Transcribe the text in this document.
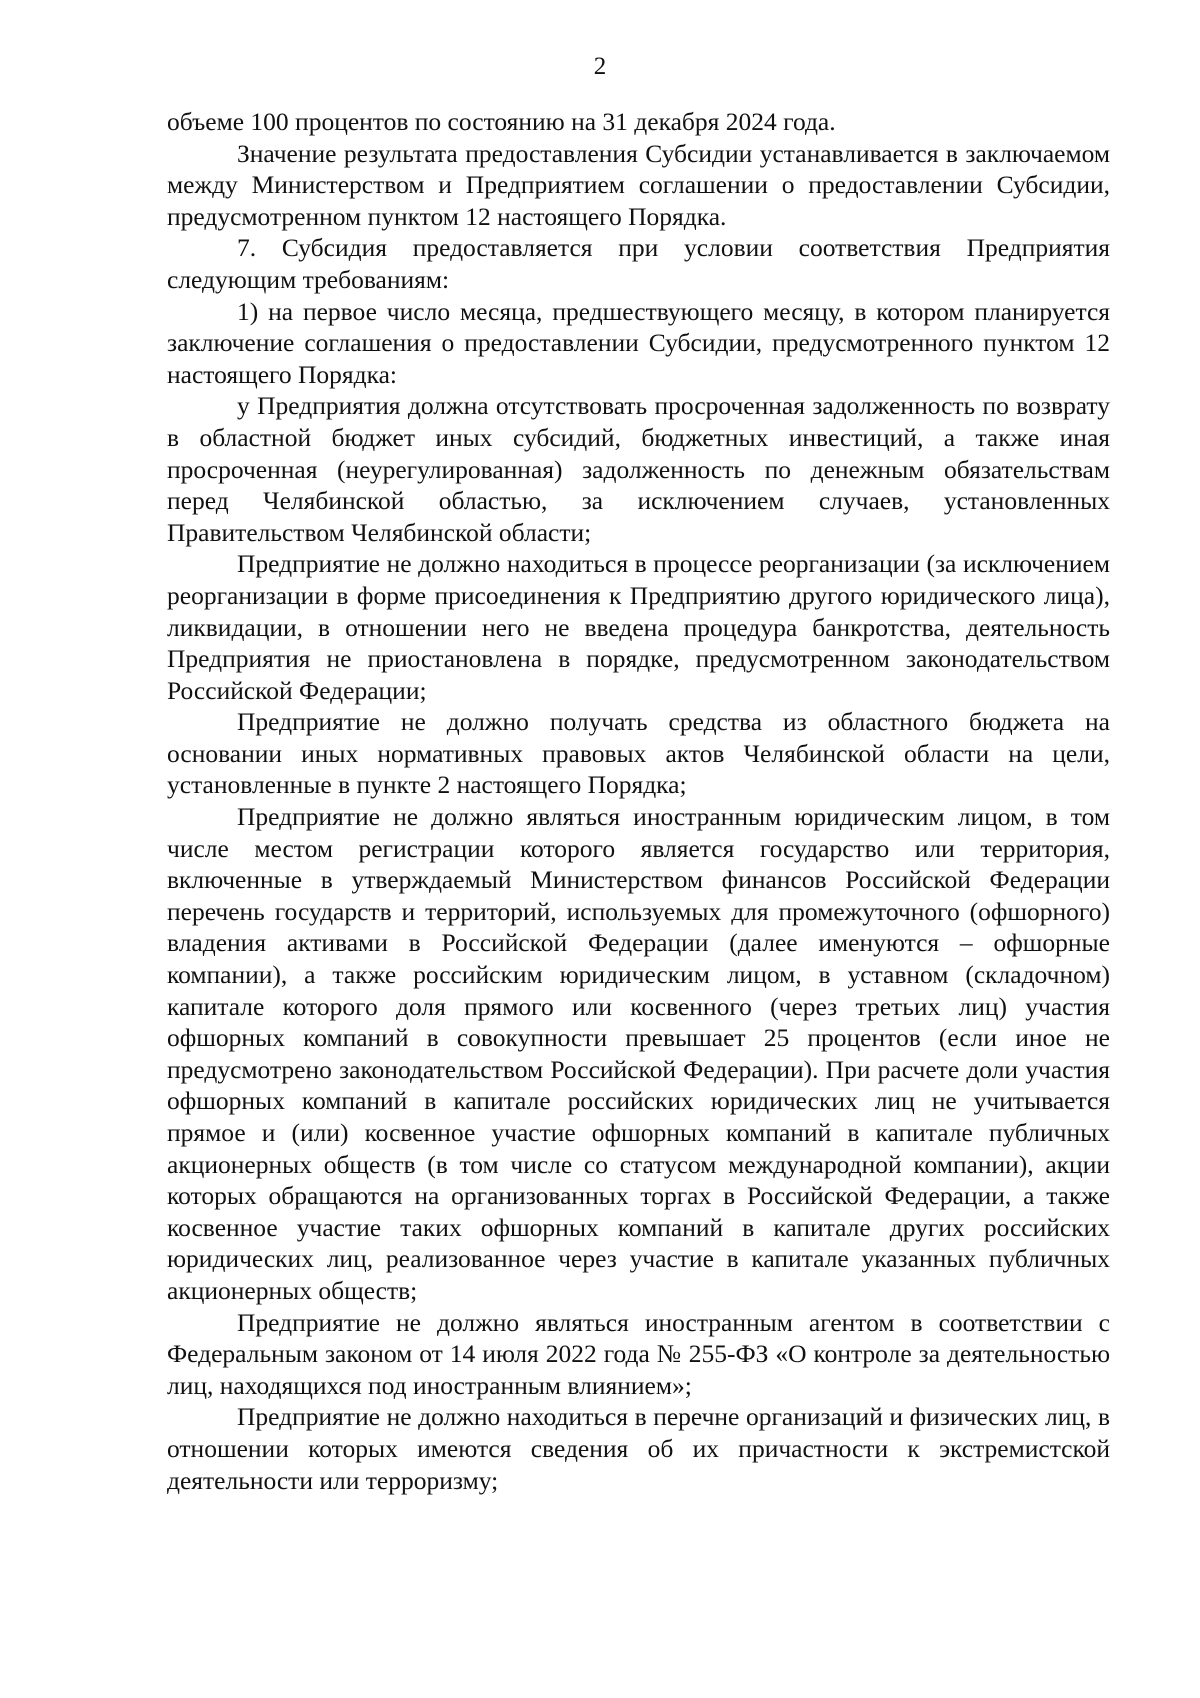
2

объеме 100 процентов по состоянию на 31 декабря 2024 года.

Значение результата предоставления Субсидии устанавливается в заключаемом между Министерством и Предприятием соглашении о предоставлении Субсидии, предусмотренном пунктом 12 настоящего Порядка.

7. Субсидия предоставляется при условии соответствия Предприятия следующим требованиям:

1) на первое число месяца, предшествующего месяцу, в котором планируется заключение соглашения о предоставлении Субсидии, предусмотренного пунктом 12 настоящего Порядка:

у Предприятия должна отсутствовать просроченная задолженность по возврату в областной бюджет иных субсидий, бюджетных инвестиций, а также иная просроченная (неурегулированная) задолженность по денежным обязательствам перед Челябинской областью, за исключением случаев, установленных Правительством Челябинской области;

Предприятие не должно находиться в процессе реорганизации (за исключением реорганизации в форме присоединения к Предприятию другого юридического лица), ликвидации, в отношении него не введена процедура банкротства, деятельность Предприятия не приостановлена в порядке, предусмотренном законодательством Российской Федерации;

Предприятие не должно получать средства из областного бюджета на основании иных нормативных правовых актов Челябинской области на цели, установленные в пункте 2 настоящего Порядка;

Предприятие не должно являться иностранным юридическим лицом, в том числе местом регистрации которого является государство или территория, включенные в утверждаемый Министерством финансов Российской Федерации перечень государств и территорий, используемых для промежуточного (офшорного) владения активами в Российской Федерации (далее именуются – офшорные компании), а также российским юридическим лицом, в уставном (складочном) капитале которого доля прямого или косвенного (через третьих лиц) участия офшорных компаний в совокупности превышает 25 процентов (если иное не предусмотрено законодательством Российской Федерации). При расчете доли участия офшорных компаний в капитале российских юридических лиц не учитывается прямое и (или) косвенное участие офшорных компаний в капитале публичных акционерных обществ (в том числе со статусом международной компании), акции которых обращаются на организованных торгах в Российской Федерации, а также косвенное участие таких офшорных компаний в капитале других российских юридических лиц, реализованное через участие в капитале указанных публичных акционерных обществ;

Предприятие не должно являться иностранным агентом в соответствии с Федеральным законом от 14 июля 2022 года № 255-ФЗ «О контроле за деятельностью лиц, находящихся под иностранным влиянием»;

Предприятие не должно находиться в перечне организаций и физических лиц, в отношении которых имеются сведения об их причастности к экстремистской деятельности или терроризму;
